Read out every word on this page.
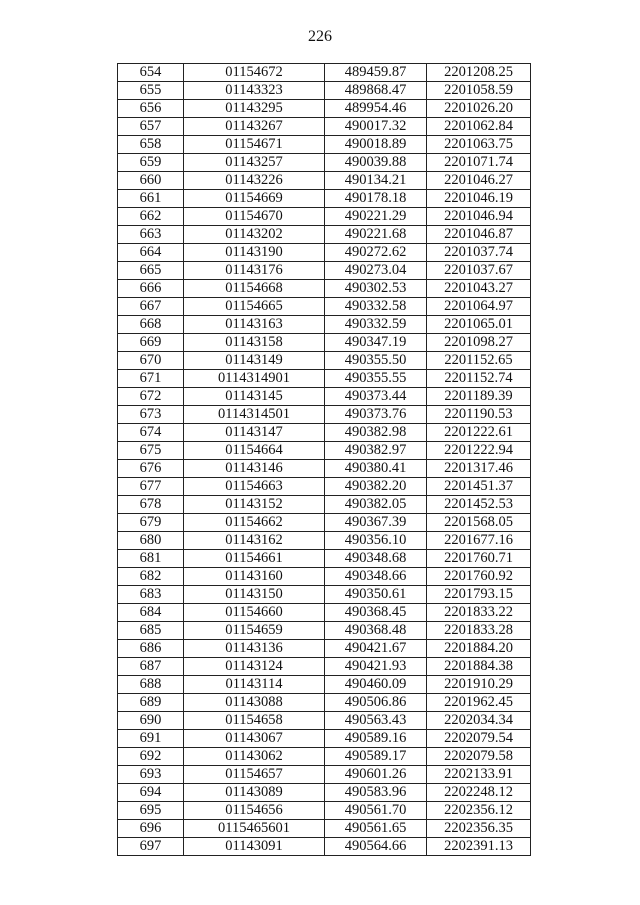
226
654	01154672	489459.87	2201208.25
655	01143323	489868.47	2201058.59
656	01143295	489954.46	2201026.20
657	01143267	490017.32	2201062.84
658	01154671	490018.89	2201063.75
659	01143257	490039.88	2201071.74
660	01143226	490134.21	2201046.27
661	01154669	490178.18	2201046.19
662	01154670	490221.29	2201046.94
663	01143202	490221.68	2201046.87
664	01143190	490272.62	2201037.74
665	01143176	490273.04	2201037.67
666	01154668	490302.53	2201043.27
667	01154665	490332.58	2201064.97
668	01143163	490332.59	2201065.01
669	01143158	490347.19	2201098.27
670	01143149	490355.50	2201152.65
671	0114314901	490355.55	2201152.74
672	01143145	490373.44	2201189.39
673	0114314501	490373.76	2201190.53
674	01143147	490382.98	2201222.61
675	01154664	490382.97	2201222.94
676	01143146	490380.41	2201317.46
677	01154663	490382.20	2201451.37
678	01143152	490382.05	2201452.53
679	01154662	490367.39	2201568.05
680	01143162	490356.10	2201677.16
681	01154661	490348.68	2201760.71
682	01143160	490348.66	2201760.92
683	01143150	490350.61	2201793.15
684	01154660	490368.45	2201833.22
685	01154659	490368.48	2201833.28
686	01143136	490421.67	2201884.20
687	01143124	490421.93	2201884.38
688	01143114	490460.09	2201910.29
689	01143088	490506.86	2201962.45
690	01154658	490563.43	2202034.34
691	01143067	490589.16	2202079.54
692	01143062	490589.17	2202079.58
693	01154657	490601.26	2202133.91
694	01143089	490583.96	2202248.12
695	01154656	490561.70	2202356.12
696	0115465601	490561.65	2202356.35
697	01143091	490564.66	2202391.13
